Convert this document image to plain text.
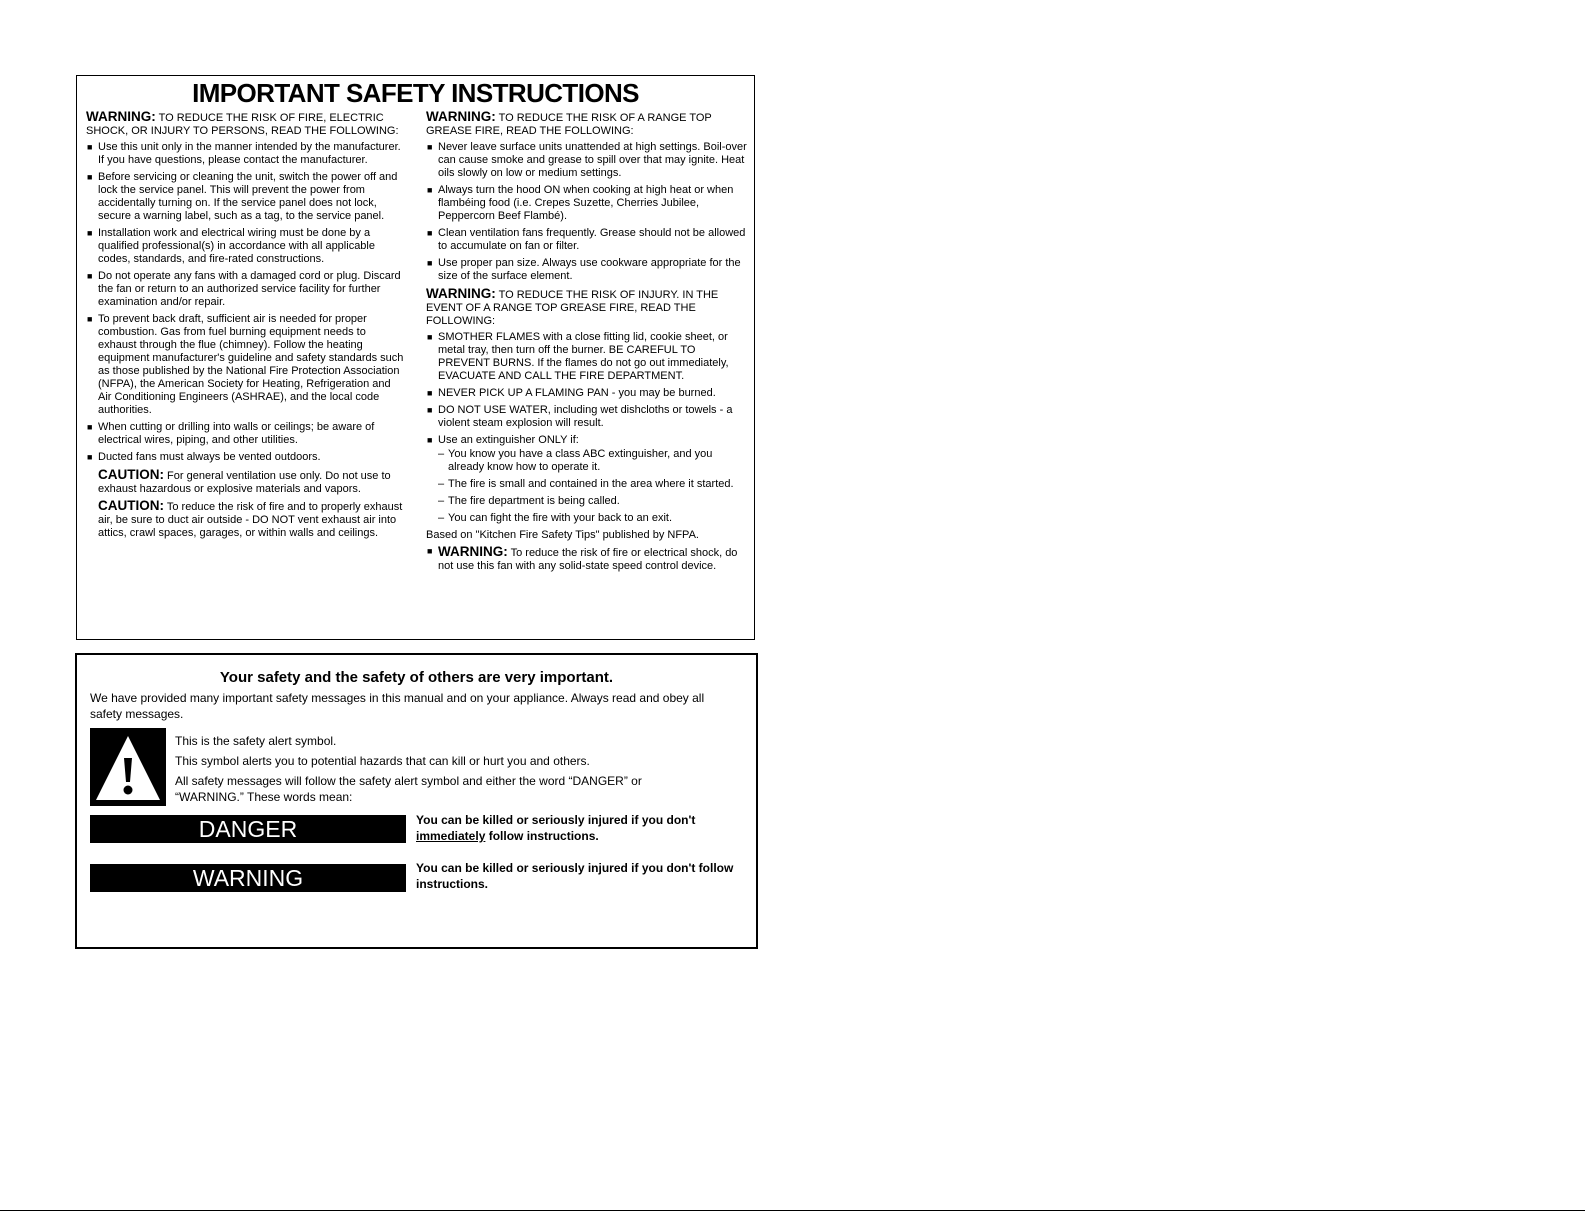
IMPORTANT SAFETY INSTRUCTIONS

WARNING: TO REDUCE THE RISK OF FIRE, ELECTRIC SHOCK, OR INJURY TO PERSONS, READ THE FOLLOWING:

■ Use this unit only in the manner intended by the manufacturer. If you have questions, please contact the manufacturer.
■ Before servicing or cleaning the unit, switch the power off and lock the service panel. This will prevent the power from accidentally turning on. If the service panel does not lock, secure a warning label, such as a tag, to the service panel.
■ Installation work and electrical wiring must be done by a qualified professional(s) in accordance with all applicable codes, standards, and fire-rated constructions.
■ Do not operate any fans with a damaged cord or plug. Discard the fan or return to an authorized service facility for further examination and/or repair.
■ To prevent back draft, sufficient air is needed for proper combustion. Gas from fuel burning equipment needs to exhaust through the flue (chimney). Follow the heating equipment manufacturer's guideline and safety standards such as those published by the National Fire Protection Association (NFPA), the American Society for Heating, Refrigeration and Air Conditioning Engineers (ASHRAE), and the local code authorities.
■ When cutting or drilling into walls or ceilings; be aware of electrical wires, piping, and other utilities.
■ Ducted fans must always be vented outdoors.

CAUTION: For general ventilation use only. Do not use to exhaust hazardous or explosive materials and vapors.

CAUTION: To reduce the risk of fire and to properly exhaust air, be sure to duct air outside - DO NOT vent exhaust air into attics, crawl spaces, garages, or within walls and ceilings.

WARNING: TO REDUCE THE RISK OF A RANGE TOP GREASE FIRE, READ THE FOLLOWING:

■ Never leave surface units unattended at high settings. Boil-over can cause smoke and grease to spill over that may ignite. Heat oils slowly on low or medium settings.
■ Always turn the hood ON when cooking at high heat or when flambéing food (i.e. Crepes Suzette, Cherries Jubilee, Peppercorn Beef Flambé).
■ Clean ventilation fans frequently. Grease should not be allowed to accumulate on fan or filter.
■ Use proper pan size. Always use cookware appropriate for the size of the surface element.

WARNING: TO REDUCE THE RISK OF INJURY. IN THE EVENT OF A RANGE TOP GREASE FIRE, READ THE FOLLOWING:

■ SMOTHER FLAMES with a close fitting lid, cookie sheet, or metal tray, then turn off the burner. BE CAREFUL TO PREVENT BURNS. If the flames do not go out immediately, EVACUATE AND CALL THE FIRE DEPARTMENT.
■ NEVER PICK UP A FLAMING PAN - you may be burned.
■ DO NOT USE WATER, including wet dishcloths or towels - a violent steam explosion will result.
■ Use an extinguisher ONLY if:
– You know you have a class ABC extinguisher, and you already know how to operate it.
– The fire is small and contained in the area where it started.
– The fire department is being called.
– You can fight the fire with your back to an exit.

Based on "Kitchen Fire Safety Tips" published by NFPA.

■ WARNING: To reduce the risk of fire or electrical shock, do not use this fan with any solid-state speed control device.
Your safety and the safety of others are very important.

We have provided many important safety messages in this manual and on your appliance. Always read and obey all safety messages.

This is the safety alert symbol.
This symbol alerts you to potential hazards that can kill or hurt you and others.
All safety messages will follow the safety alert symbol and either the word “DANGER” or “WARNING.” These words mean:
DANGER	You can be killed or seriously injured if you don't immediately follow instructions.
WARNING	You can be killed or seriously injured if you don't follow instructions.
